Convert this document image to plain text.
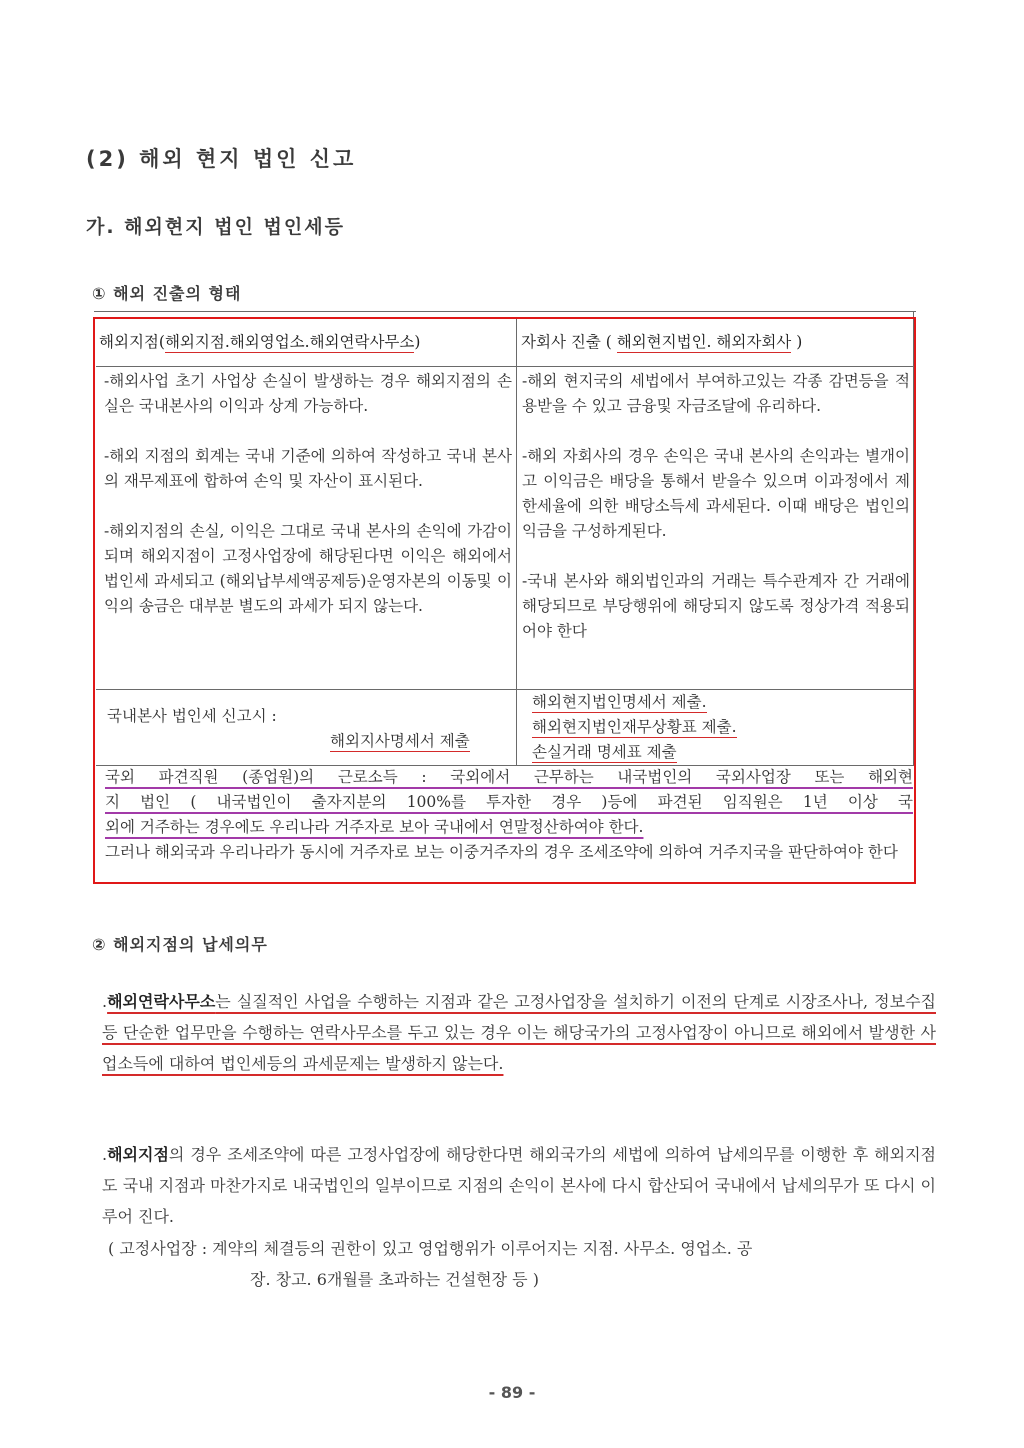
(2) 해외 현지 법인 신고
가. 해외현지 법인 법인세등
① 해외 진출의 형태
해외지점(해외지점.해외영업소.해외연락사무소)	자회사 진출 ( 해외현지법인. 해외자회사 )

-해외사업 초기 사업상 손실이 발생하는 경우 해외지점의 손실은 국내본사의 이익과 상계 가능하다.

-해외 지점의 회계는 국내 기준에 의하여 작성하고 국내 본사의 재무제표에 합하여 손익 및 자산이 표시된다.

-해외지점의 손실, 이익은 그대로 국내 본사의 손익에 가감이 되며 해외지점이 고정사업장에 해당된다면 이익은 해외에서 법인세 과세되고 (해외납부세액공제등)운영자본의 이동및 이익의 송금은 대부분 별도의 과세가 되지 않는다.

-해외 현지국의 세법에서 부여하고있는 각종 감면등을 적용받을 수 있고 금융및 자금조달에 유리하다.

-해외 자회사의 경우 손익은 국내 본사의 손익과는 별개이고 이익금은 배당을 통해서 받을수 있으며 이과정에서 제한세율에 의한 배당소득세 과세된다. 이때 배당은 법인의 익금을 구성하게된다.

-국내 본사와 해외법인과의 거래는 특수관계자 간 거래에 해당되므로 부당행위에 해당되지 않도록 정상가격 적용되어야 한다

국내본사 법인세 신고시 :
해외지사명세서 제출
해외현지법인명세서 제출.
해외현지법인재무상황표 제출.
손실거래 명세표 제출
국외 파견직원 (종업원)의 근로소득 : 국외에서 근무하는 내국법인의 국외사업장 또는 해외현
지 법인 ( 내국법인이 출자지분의 100%를 투자한 경우 )등에 파견된 임직원은 1년 이상 국
외에 거주하는 경우에도 우리나라 거주자로 보아 국내에서 연말정산하여야 한다.
그러나 해외국과 우리나라가 동시에 거주자로 보는 이중거주자의 경우 조세조약에 의하여 거주지국을 판단하여야 한다
② 해외지점의 납세의무
.해외연락사무소는 실질적인 사업을 수행하는 지점과 같은 고정사업장을 설치하기 이전의 단계로 시장조사나, 정보수집등 단순한 업무만을 수행하는 연락사무소를 두고 있는 경우 이는 해당국가의 고정사업장이 아니므로 해외에서 발생한 사업소득에 대하여 법인세등의 과세문제는 발생하지 않는다.
.해외지점의 경우 조세조약에 따른 고정사업장에 해당한다면 해외국가의 세법에 의하여 납세의무를 이행한 후 해외지점도 국내 지점과 마찬가지로 내국법인의 일부이므로 지점의 손익이 본사에 다시 합산되어 국내에서 납세의무가 또 다시 이루어 진다.
( 고정사업장 : 계약의 체결등의 권한이 있고 영업행위가 이루어지는 지점. 사무소. 영업소. 공
장. 창고. 6개월를 초과하는 건설현장 등 )
- 89 -
